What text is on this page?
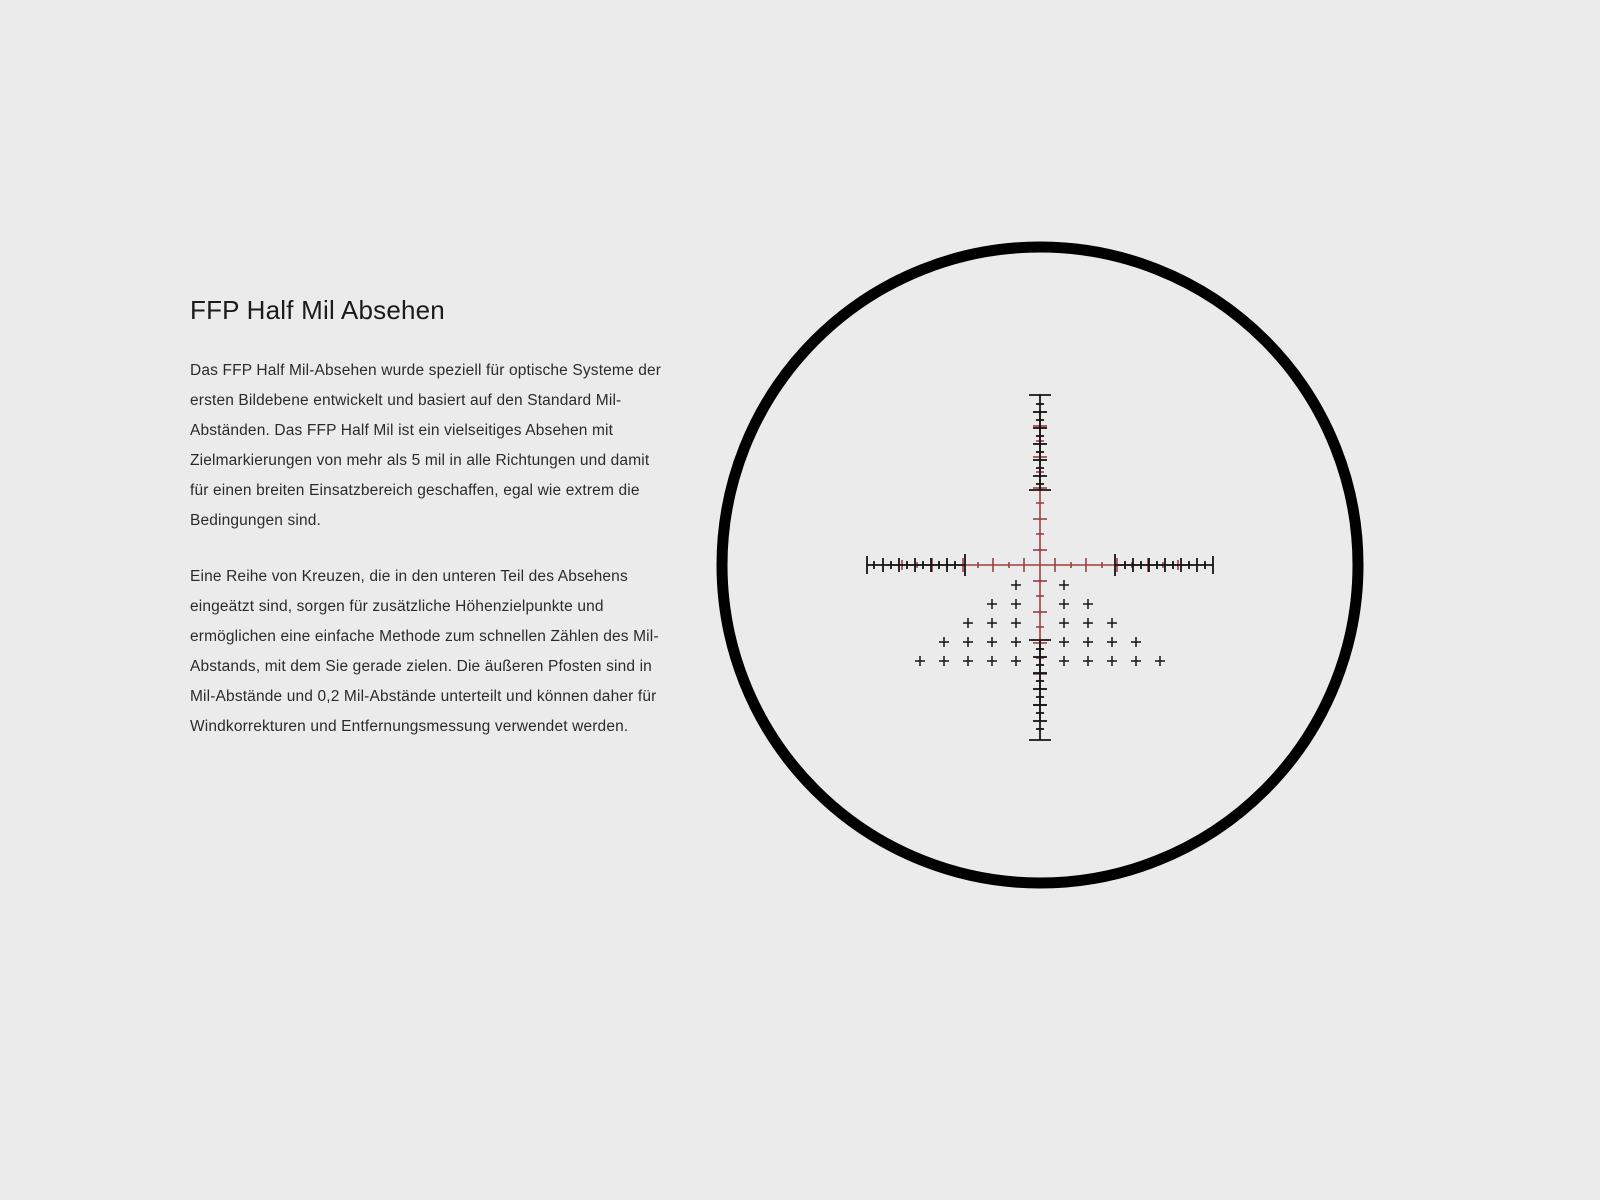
FFP Half Mil Absehen

Das FFP Half Mil-Absehen wurde speziell für optische Systeme der ersten Bildebene entwickelt und basiert auf den Standard Mil-Abständen. Das FFP Half Mil ist ein vielseitiges Absehen mit Zielmarkierungen von mehr als 5 mil in alle Richtungen und damit für einen breiten Einsatzbereich geschaffen, egal wie extrem die Bedingungen sind.

Eine Reihe von Kreuzen, die in den unteren Teil des Absehens eingeätzt sind, sorgen für zusätzliche Höhenzielpunkte und ermöglichen eine einfache Methode zum schnellen Zählen des Mil-Abstands, mit dem Sie gerade zielen. Die äußeren Pfosten sind in Mil-Abstände und 0,2 Mil-Abstände unterteilt und können daher für Windkorrekturen und Entfernungsmessung verwendet werden.
